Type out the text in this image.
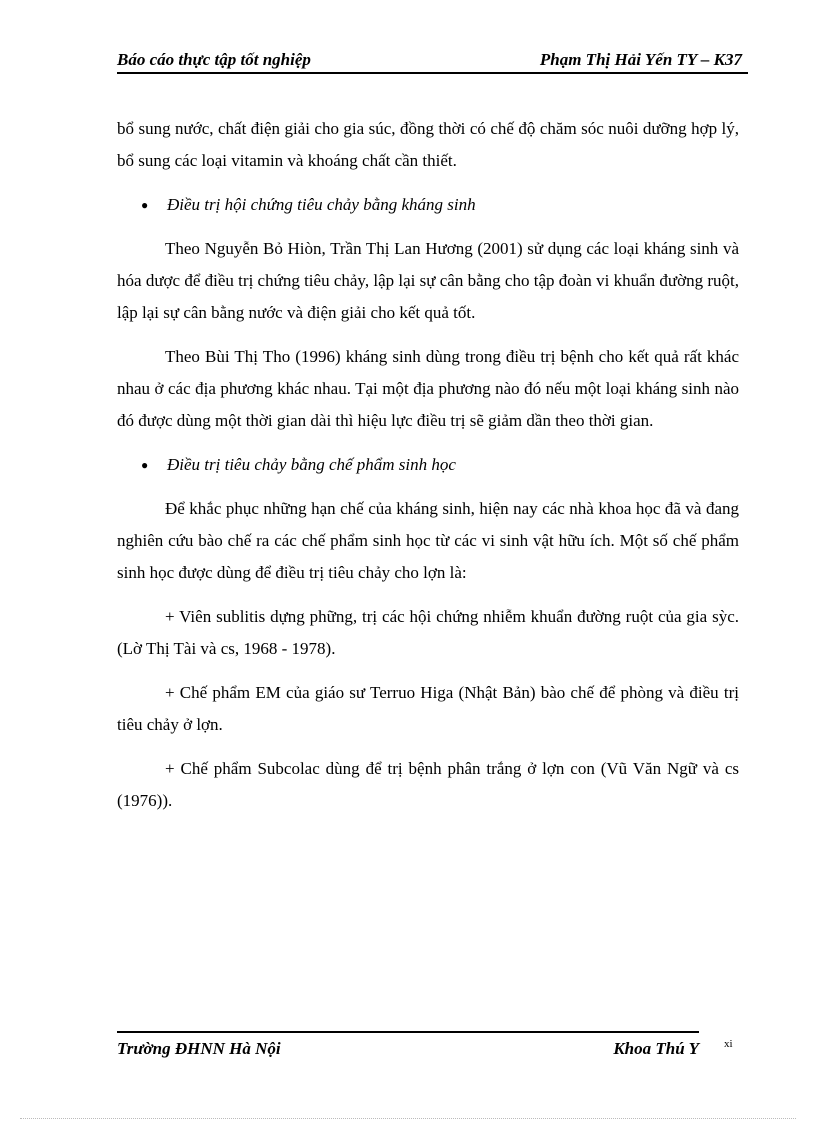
Báo cáo thực tập tốt nghiệp	Phạm Thị Hải Yến TY – K37

bổ sung nước, chất điện giải cho gia súc, đồng thời có chế độ chăm sóc nuôi dưỡng hợp lý, bổ sung các loại vitamin và khoáng chất cần thiết.

● Điều trị hội chứng tiêu chảy bằng kháng sinh

Theo Nguyễn Bỏ Hiòn, Trần Thị Lan Hương (2001) sử dụng các loại kháng sinh và hóa dược để điều trị chứng tiêu chảy, lập lại sự cân bằng cho tập đoàn vi khuẩn đường ruột, lập lại sự cân bằng nước và điện giải cho kết quả tốt.

Theo Bùi Thị Tho (1996) kháng sinh dùng trong điều trị bệnh cho kết quả rất khác nhau ở các địa phương khác nhau. Tại một địa phương nào đó nếu một loại kháng sinh nào đó được dùng một thời gian dài thì hiệu lực điều trị sẽ giảm dần theo thời gian.

● Điều trị tiêu chảy bằng chế phẩm sinh học

Để khắc phục những hạn chế của kháng sinh, hiện nay các nhà khoa học đã và đang nghiên cứu bào chế ra các chế phẩm sinh học từ các vi sinh vật hữu ích. Một số chế phẩm sinh học được dùng để điều trị tiêu chảy cho lợn là:

+ Viên sublitis dựng phững, trị các hội chứng nhiễm khuẩn đường ruột của gia sỳc.(Lờ Thị Tài và cs, 1968 - 1978).

+ Chế phẩm EM của giáo sư Terruo Higa (Nhật Bản) bào chế để phòng và điều trị tiêu chảy ở lợn.

+ Chế phẩm Subcolac dùng để trị bệnh phân trắng ở lợn con (Vũ Văn Ngữ và cs (1976)).

Trường ĐHNN Hà Nội	Khoa Thú Y xi
